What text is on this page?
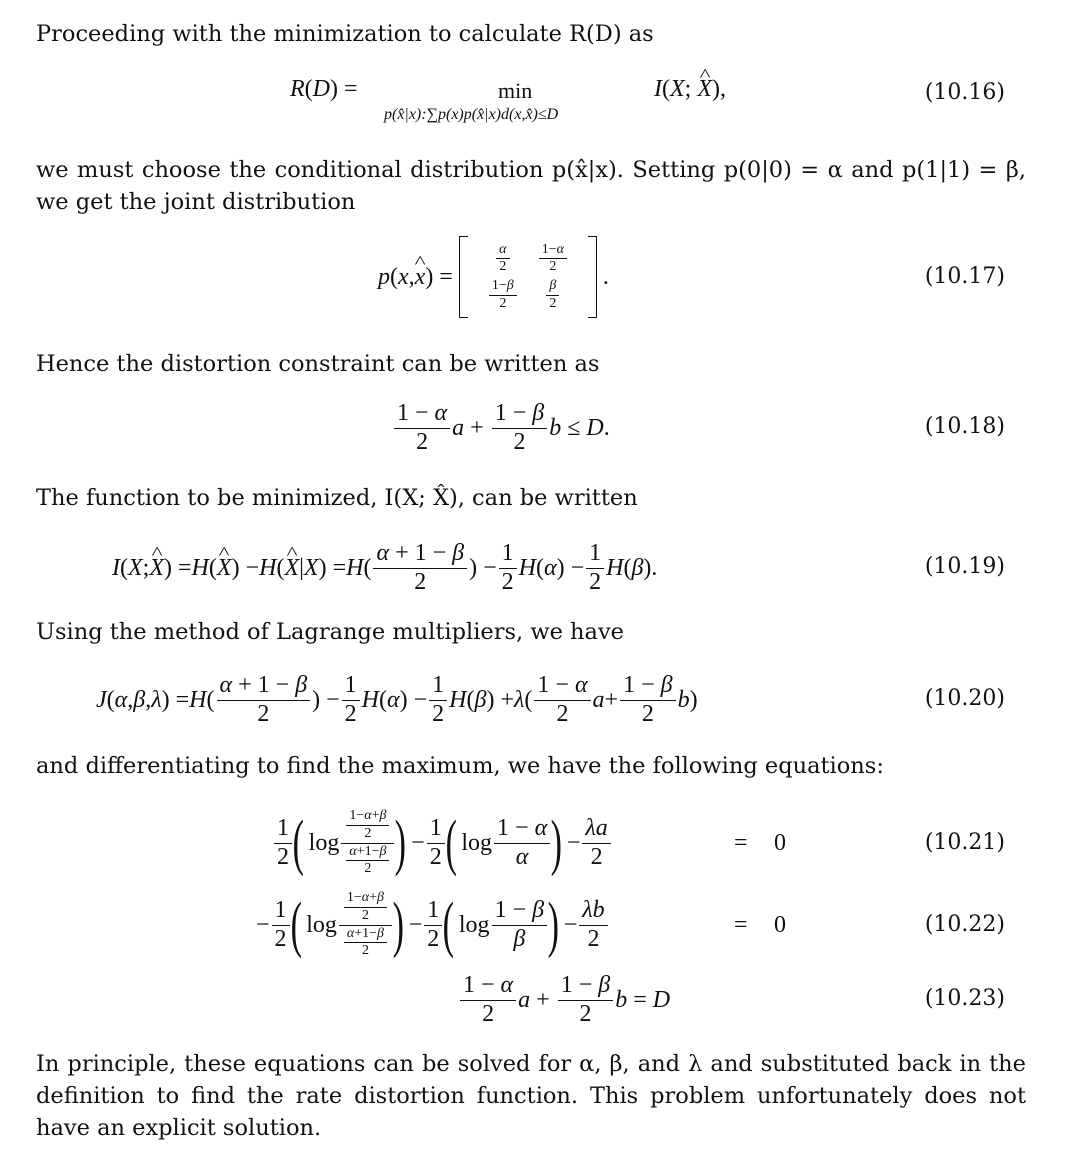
Proceeding with the minimization to calculate R(D) as
R(D) =	min
p(x̂|x):∑p(x)p(x̂|x)d(x,x̂)≤D
I(X; ^ X),	(10.16)
we must choose the conditional distribution p(x̂|x). Setting p(0|0) = α and p(1|1) = β, we get the joint distribution
p ( x , ^ x ) =
$\frac{\alpha}{2} \frac{1-\alpha}{2}$
$\frac{1-\beta}{2} \frac{\beta}{2}$
.	(10.17)
Hence the distortion constraint can be written as
$\frac{1 - \alpha}{2}$ $a + \frac{1 - \beta}{2}$ b ≤ D .	(10.18)
The function to be minimized, I(X; X̂), can be written
I ( X ; ^ X ) = H ( ^ X ) − H ( ^ X | X ) = H ( $\frac{\alpha + 1 - \beta}{2}$ ) − $\frac{1}{2}$ H ( α ) − $\frac{1}{2}$ H ( β ).	(10.19)
Using the method of Lagrange multipliers, we have
J ( α , β , λ ) = H ( $\frac{\alpha + 1 - \beta}{2}$ ) − $\frac{1}{2}$ H ( α ) − $\frac{1}{2}$ H ( β ) + λ ( $\frac{1 - \alpha}{2}$ $a + \frac{1 - \beta}{2}$ b )	(10.20)
and differentiating to find the maximum, we have the following equations:
$\frac{1}{2}$ (
$\log \frac{\frac{1-\alpha+\beta}{2}}{\frac{\alpha+1-\beta}{2}}$ )
− $\frac{1}{2}$ (
$\log \frac{1 - \alpha}{\alpha}$ )
− $\frac{\lambda a}{2}$	= 0	(10.21)
− $\frac{1}{2}$ (
$\log \frac{\frac{1-\alpha+\beta}{2}}{\frac{\alpha+1-\beta}{2}}$ )
− $\frac{1}{2}$ (
$\log \frac{1 - \beta}{\beta}$ )
− $\frac{\lambda b}{2}$	= 0	(10.22)
$\frac{1 - \alpha}{2}$ $a + \frac{1 - \beta}{2}$ b = D	(10.23)
In principle, these equations can be solved for α, β, and λ and substituted back in the definition to find the rate distortion function. This problem unfortunately does not have an explicit solution.
